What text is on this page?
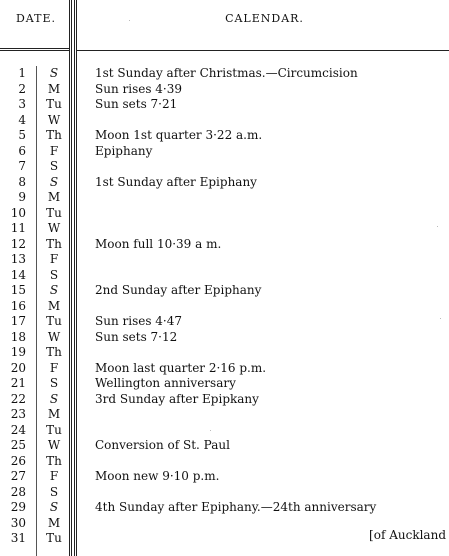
DATE.	CALENDAR.
1	S	1st Sunday after Christmas.—Circumcision
2	M	Sun rises 4·39
3	Tu	Sun sets 7·21
4	W
5	Th	Moon 1st quarter 3·22 a.m.
6	F	Epiphany
7	S
8	S	1st Sunday after Epiphany
9	M
10	Tu
11	W
12	Th	Moon full 10·39 a m.
13	F
14	S
15	S	2nd Sunday after Epiphany
16	M
17	Tu	Sun rises 4·47
18	W	Sun sets 7·12
19	Th
20	F	Moon last quarter 2·16 p.m.
21	S	Wellington anniversary
22	S	3rd Sunday after Epipkany
23	M
24	Tu
25	W	Conversion of St. Paul
26	Th
27	F	Moon new 9·10 p.m.
28	S
29	S	4th Sunday after Epiphany.—24th anniversary
30	M
31	Tu	[of Auckland
